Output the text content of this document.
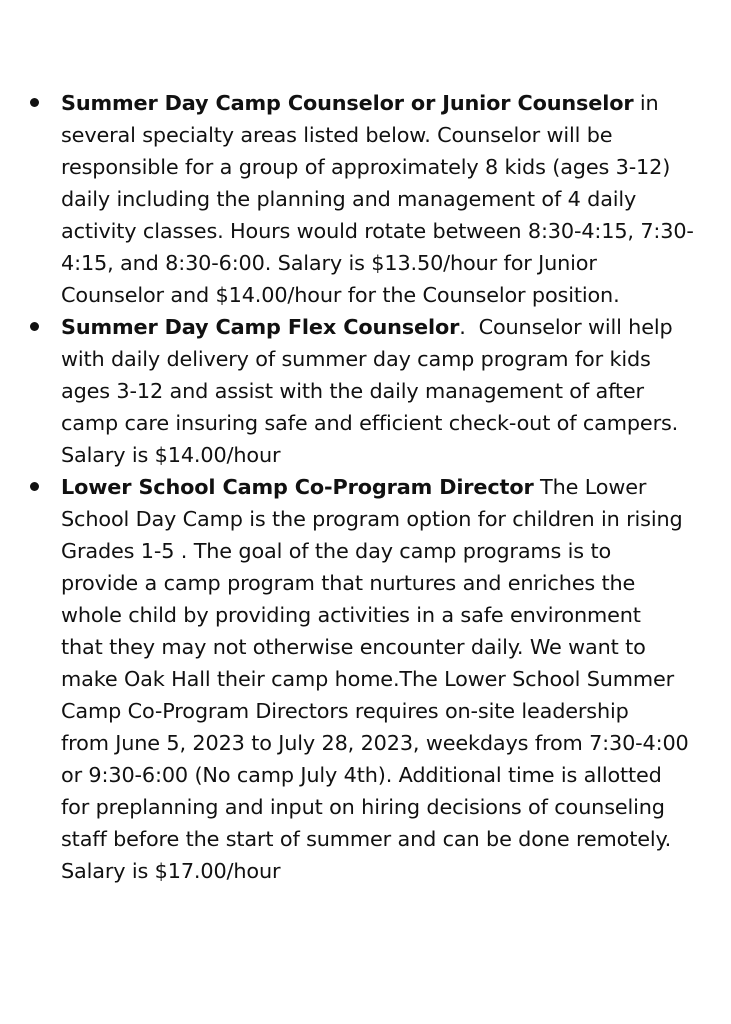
Summer Day Camp Counselor or Junior Counselor in
several specialty areas listed below. Counselor will be
responsible for a group of approximately 8 kids (ages 3-12)
daily including the planning and management of 4 daily
activity classes. Hours would rotate between 8:30-4:15, 7:30-
4:15, and 8:30-6:00. Salary is $13.50/hour for Junior
Counselor and $14.00/hour for the Counselor position.
Summer Day Camp Flex Counselor.  Counselor will help
with daily delivery of summer day camp program for kids
ages 3-12 and assist with the daily management of after
camp care insuring safe and efficient check-out of campers.
Salary is $14.00/hour
Lower School Camp Co-Program Director The Lower
School Day Camp is the program option for children in rising
Grades 1-5 . The goal of the day camp programs is to
provide a camp program that nurtures and enriches the
whole child by providing activities in a safe environment
that they may not otherwise encounter daily. We want to
make Oak Hall their camp home.The Lower School Summer
Camp Co-Program Directors requires on-site leadership
from June 5, 2023 to July 28, 2023, weekdays from 7:30-4:00
or 9:30-6:00 (No camp July 4th). Additional time is allotted
for preplanning and input on hiring decisions of counseling
staff before the start of summer and can be done remotely.
Salary is $17.00/hour
